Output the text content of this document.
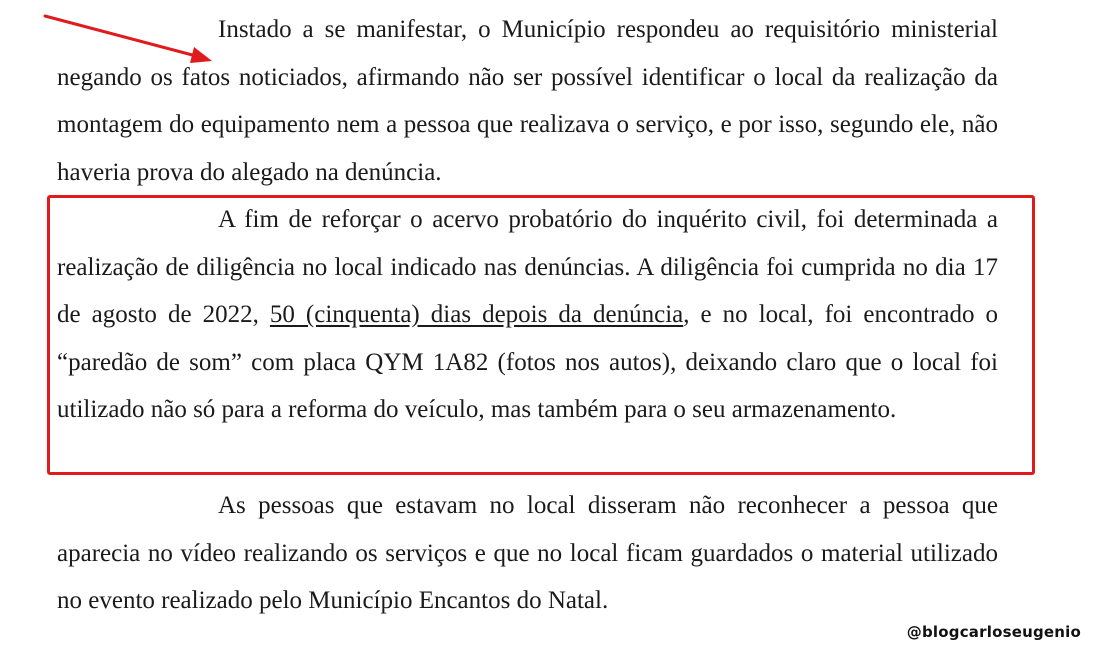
Instado a se manifestar, o Município respondeu ao requisitório ministerial negando os fatos noticiados, afirmando não ser possível identificar o local da realização da montagem do equipamento nem a pessoa que realizava o serviço, e por isso, segundo ele, não haveria prova do alegado na denúncia.

A fim de reforçar o acervo probatório do inquérito civil, foi determinada a realização de diligência no local indicado nas denúncias. A diligência foi cumprida no dia 17 de agosto de 2022, 50 (cinquenta) dias depois da denúncia, e no local, foi encontrado o “paredão de som” com placa QYM 1A82 (fotos nos autos), deixando claro que o local foi utilizado não só para a reforma do veículo, mas também para o seu armazenamento.

As pessoas que estavam no local disseram não reconhecer a pessoa que aparecia no vídeo realizando os serviços e que no local ficam guardados o material utilizado no evento realizado pelo Município Encantos do Natal.

@blogcarloseugenio
